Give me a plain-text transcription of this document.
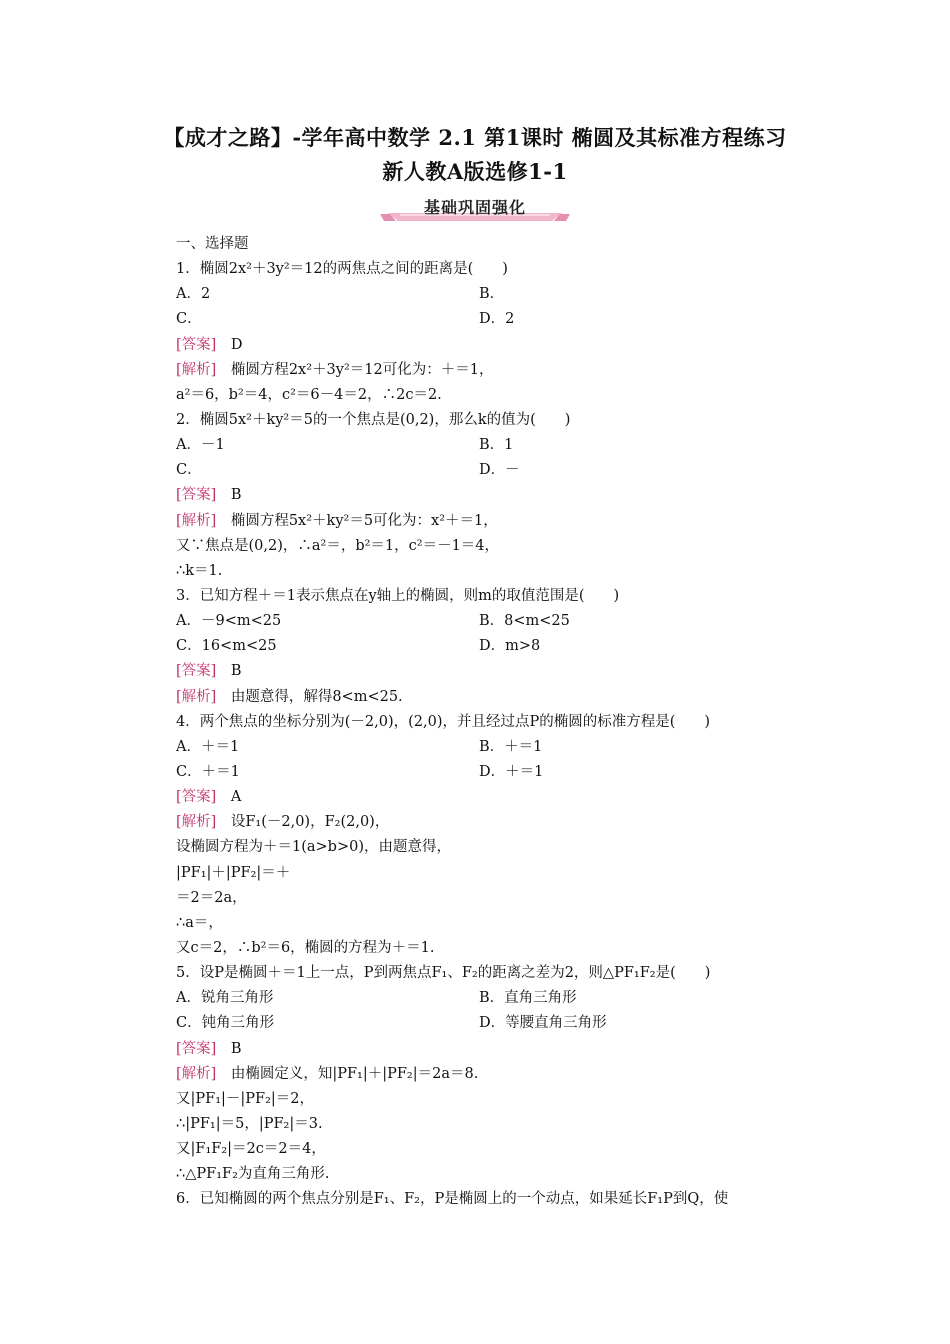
【成才之路】-学年高中数学 2.1 第1课时 椭圆及其标准方程练习
新人教A版选修1-1
基础巩固强化
一、选择题
1．椭圆2x²＋3y²＝12的两焦点之间的距离是(　　)
A．2	B．
C．	D．2
[答案]　 D
[解析]　 椭圆方程2x²＋3y²＝12可化为：＋＝1，
a²＝6，b²＝4，c²＝6－4＝2，∴2c＝2.
2．椭圆5x²＋ky²＝5的一个焦点是(0,2)，那么k的值为(　　)
A．－1	B．1
C．	D．－
[答案]　 B
[解析]　 椭圆方程5x²＋ky²＝5可化为：x²＋＝1，
又∵焦点是(0,2)，∴a²＝，b²＝1，c²＝－1＝4，
∴k＝1.
3．已知方程＋＝1表示焦点在y轴上的椭圆，则m的取值范围是(　　)
A．－9<m<25	B．8<m<25
C．16<m<25	D．m>8
[答案]　 B
[解析]　 由题意得，解得8<m<25.
4．两个焦点的坐标分别为(－2,0)，(2,0)，并且经过点P的椭圆的标准方程是(　　)
A．＋＝1	B．＋＝1
C．＋＝1	D．＋＝1
[答案]　 A
[解析]　 设F₁(－2,0)，F₂(2,0)，
设椭圆方程为＋＝1(a>b>0)，由题意得，
|PF₁|＋|PF₂|＝＋
＝2＝2a，
∴a＝，
又c＝2，∴b²＝6，椭圆的方程为＋＝1.
5．设P是椭圆＋＝1上一点，P到两焦点F₁、F₂的距离之差为2，则△PF₁F₂是(　　)
A．锐角三角形	B．直角三角形
C．钝角三角形	D．等腰直角三角形
[答案]　 B
[解析]　 由椭圆定义，知|PF₁|＋|PF₂|＝2a＝8.
又|PF₁|－|PF₂|＝2，
∴|PF₁|＝5，|PF₂|＝3.
又|F₁F₂|＝2c＝2＝4，
∴△PF₁F₂为直角三角形.
6．已知椭圆的两个焦点分别是F₁、F₂，P是椭圆上的一个动点，如果延长F₁P到Q，使
